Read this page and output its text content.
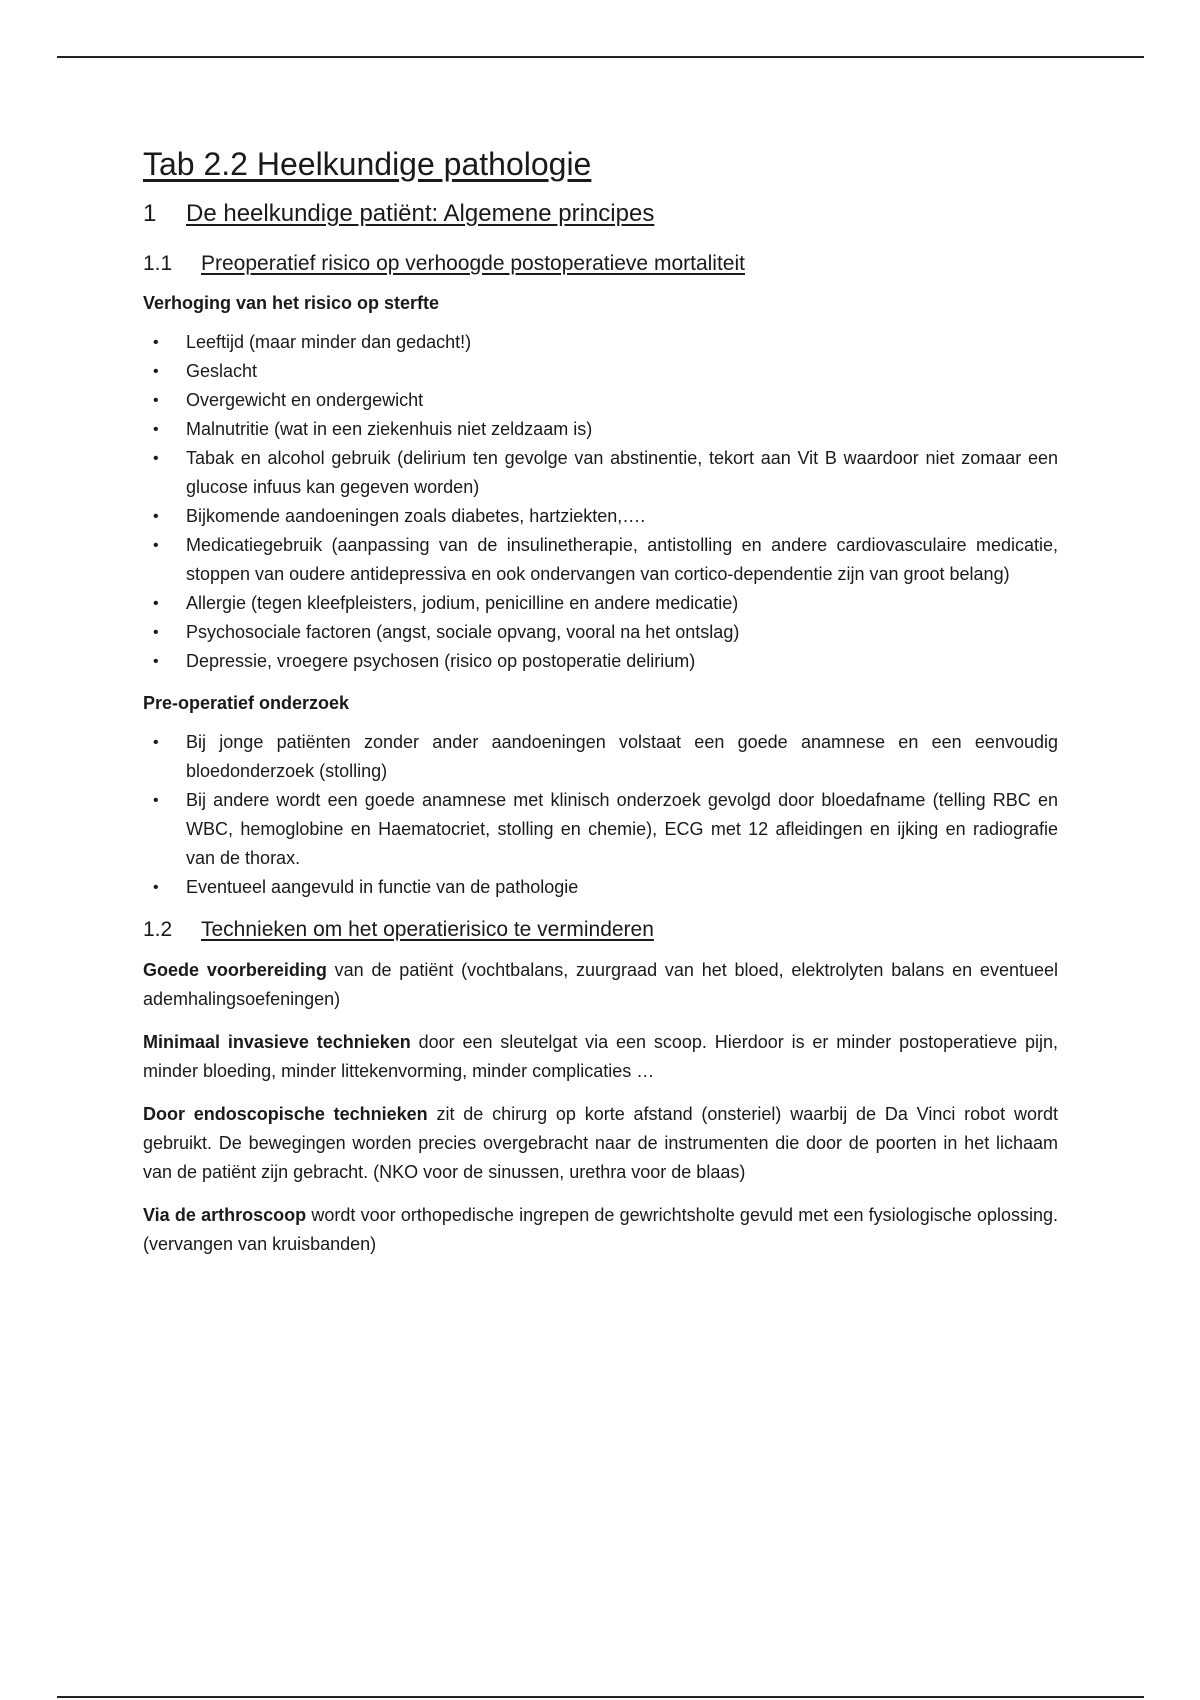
Tab 2.2 Heelkundige pathologie
1	De heelkundige patiënt: Algemene principes
1.1	Preoperatief risico op verhoogde postoperatieve mortaliteit
Verhoging van het risico op sterfte
• Leeftijd (maar minder dan gedacht!)
• Geslacht
• Overgewicht en ondergewicht
• Malnutritie (wat in een ziekenhuis niet zeldzaam is)
• Tabak en alcohol gebruik (delirium ten gevolge van abstinentie, tekort aan Vit B waardoor niet zomaar een glucose infuus kan gegeven worden)
• Bijkomende aandoeningen zoals diabetes, hartziekten,….
• Medicatiegebruik (aanpassing van de insulinetherapie, antistolling en andere cardiovasculaire medicatie, stoppen van oudere antidepressiva en ook ondervangen van cortico-dependentie zijn van groot belang)
• Allergie (tegen kleefpleisters, jodium, penicilline en andere medicatie)
• Psychosociale factoren (angst, sociale opvang, vooral na het ontslag)
• Depressie, vroegere psychosen (risico op postoperatie delirium)
Pre-operatief onderzoek
• Bij jonge patiënten zonder ander aandoeningen volstaat een goede anamnese en een eenvoudig bloedonderzoek (stolling)
• Bij andere wordt een goede anamnese met klinisch onderzoek gevolgd door bloedafname (telling RBC en WBC, hemoglobine en Haematocriet, stolling en chemie), ECG met 12 afleidingen en ijking en radiografie van de thorax.
• Eventueel aangevuld in functie van de pathologie
1.2	Technieken om het operatierisico te verminderen

Goede voorbereiding van de patiënt (vochtbalans, zuurgraad van het bloed, elektrolyten balans en eventueel ademhalingsoefeningen)

Minimaal invasieve technieken door een sleutelgat via een scoop. Hierdoor is er minder postoperatieve pijn, minder bloeding, minder littekenvorming, minder complicaties …

Door endoscopische technieken zit de chirurg op korte afstand (onsteriel) waarbij de Da Vinci robot wordt gebruikt. De bewegingen worden precies overgebracht naar de instrumenten die door de poorten in het lichaam van de patiënt zijn gebracht. (NKO voor de sinussen, urethra voor de blaas)

Via de arthroscoop wordt voor orthopedische ingrepen de gewrichtsholte gevuld met een fysiologische oplossing. (vervangen van kruisbanden)
